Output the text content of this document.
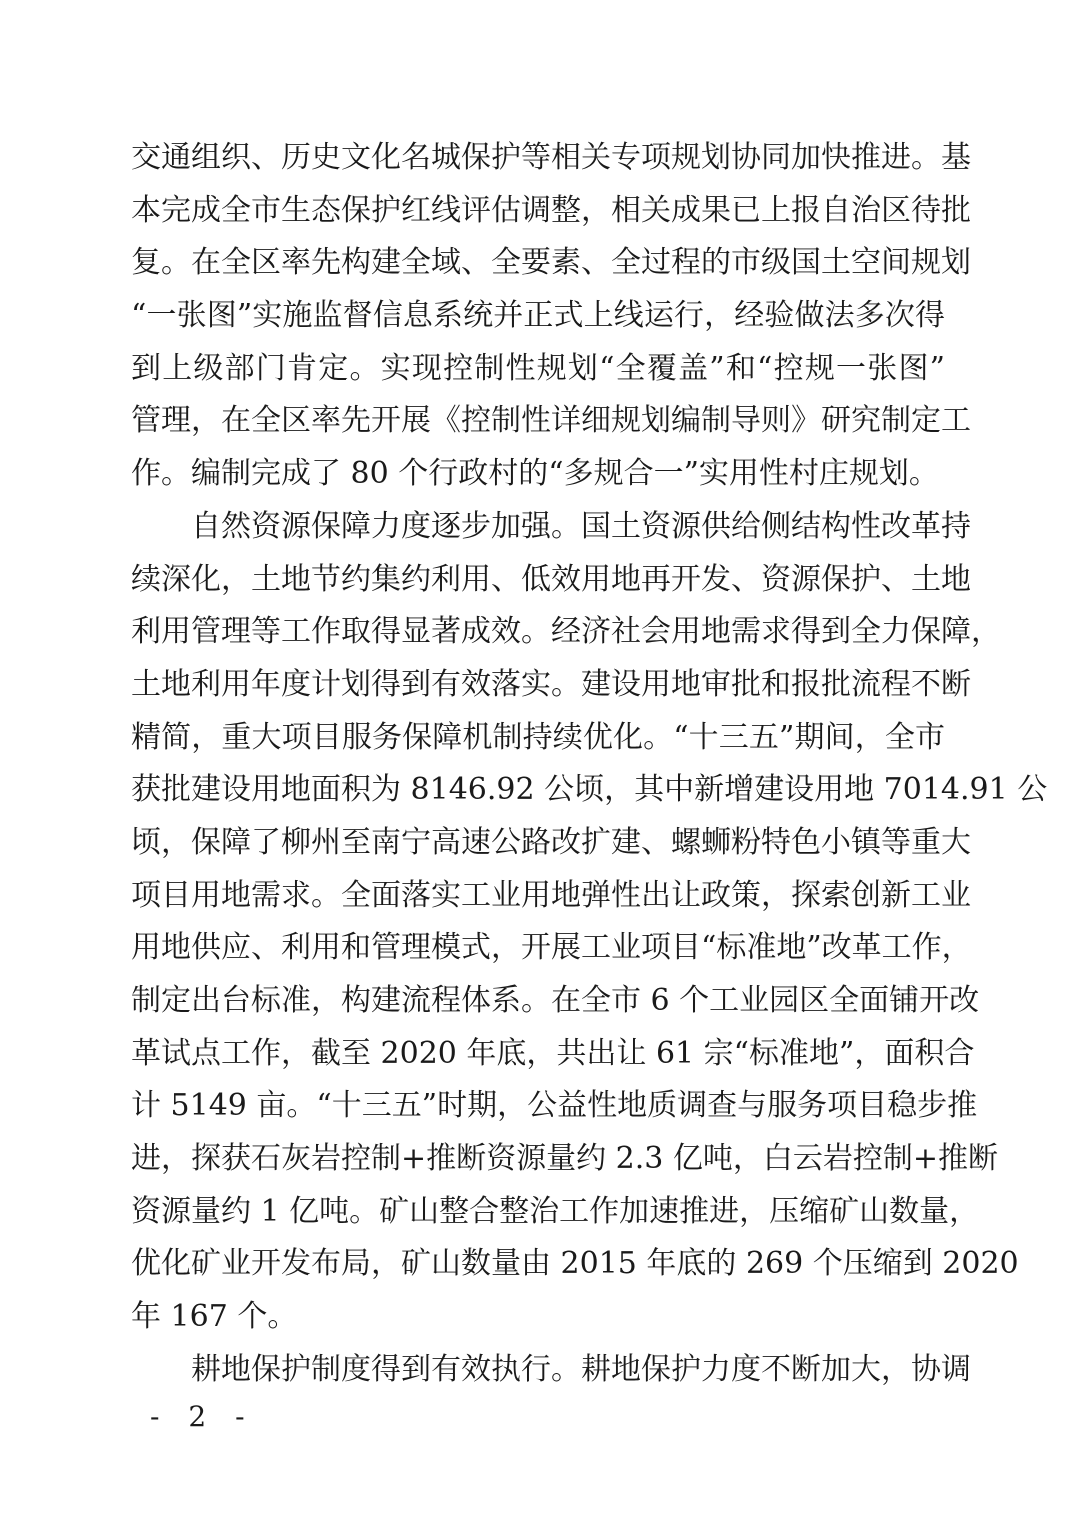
交通组织、历史文化名城保护等相关专项规划协同加快推进。基
本完成全市生态保护红线评估调整，相关成果已上报自治区待批
复。在全区率先构建全域、全要素、全过程的市级国土空间规划
“一张图”实施监督信息系统并正式上线运行，经验做法多次得
到上级部门肯定。实现控制性规划“全覆盖”和“控规一张图”
管理，在全区率先开展《控制性详细规划编制导则》研究制定工
作。编制完成了 80 个行政村的“多规合一”实用性村庄规划。
自然资源保障力度逐步加强。国土资源供给侧结构性改革持
续深化，土地节约集约利用、低效用地再开发、资源保护、土地
利用管理等工作取得显著成效。经济社会用地需求得到全力保障，
土地利用年度计划得到有效落实。建设用地审批和报批流程不断
精简，重大项目服务保障机制持续优化。“十三五”期间，全市
获批建设用地面积为 8146.92 公顷，其中新增建设用地 7014.91 公
顷，保障了柳州至南宁高速公路改扩建、螺蛳粉特色小镇等重大
项目用地需求。全面落实工业用地弹性出让政策，探索创新工业
用地供应、利用和管理模式，开展工业项目“标准地”改革工作，
制定出台标准，构建流程体系。在全市 6 个工业园区全面铺开改
革试点工作，截至 2020 年底，共出让 61 宗“标准地”，面积合
计 5149 亩。“十三五”时期，公益性地质调查与服务项目稳步推
进，探获石灰岩控制+推断资源量约 2.3 亿吨，白云岩控制+推断
资源量约 1 亿吨。矿山整合整治工作加速推进，压缩矿山数量，
优化矿业开发布局，矿山数量由 2015 年底的 269 个压缩到 2020
年 167 个。
耕地保护制度得到有效执行。耕地保护力度不断加大，协调
- 2 -
